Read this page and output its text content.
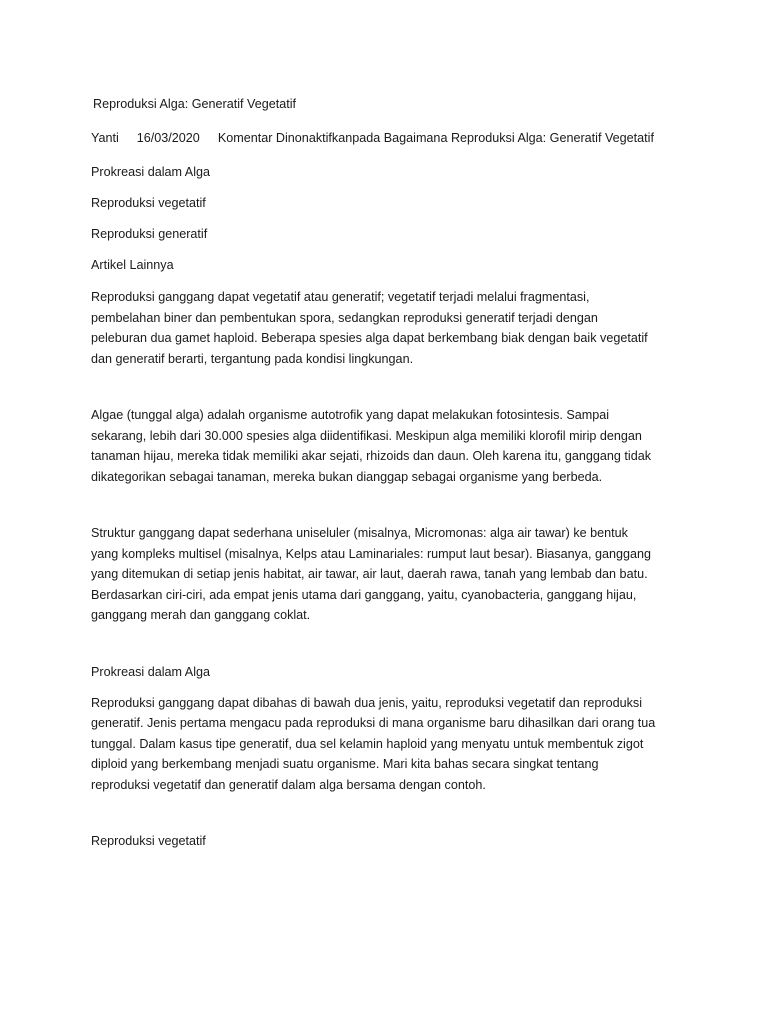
Reproduksi Alga: Generatif Vegetatif

Yanti 16/03/2020 Komentar Dinonaktifkanpada Bagaimana Reproduksi Alga: Generatif Vegetatif

Prokreasi dalam Alga

Reproduksi vegetatif

Reproduksi generatif

Artikel Lainnya

Reproduksi ganggang dapat vegetatif atau generatif; vegetatif terjadi melalui fragmentasi, pembelahan biner dan pembentukan spora, sedangkan reproduksi generatif terjadi dengan peleburan dua gamet haploid. Beberapa spesies alga dapat berkembang biak dengan baik vegetatif dan generatif berarti, tergantung pada kondisi lingkungan.

Algae (tunggal alga) adalah organisme autotrofik yang dapat melakukan fotosintesis. Sampai sekarang, lebih dari 30.000 spesies alga diidentifikasi. Meskipun alga memiliki klorofil mirip dengan tanaman hijau, mereka tidak memiliki akar sejati, rhizoids dan daun. Oleh karena itu, ganggang tidak dikategorikan sebagai tanaman, mereka bukan dianggap sebagai organisme yang berbeda.

Struktur ganggang dapat sederhana uniseluler (misalnya, Micromonas: alga air tawar) ke bentuk yang kompleks multisel (misalnya, Kelps atau Laminariales: rumput laut besar). Biasanya, ganggang yang ditemukan di setiap jenis habitat, air tawar, air laut, daerah rawa, tanah yang lembab dan batu. Berdasarkan ciri-ciri, ada empat jenis utama dari ganggang, yaitu, cyanobacteria, ganggang hijau, ganggang merah dan ganggang coklat.

Prokreasi dalam Alga

Reproduksi ganggang dapat dibahas di bawah dua jenis, yaitu, reproduksi vegetatif dan reproduksi generatif. Jenis pertama mengacu pada reproduksi di mana organisme baru dihasilkan dari orang tua tunggal. Dalam kasus tipe generatif, dua sel kelamin haploid yang menyatu untuk membentuk zigot diploid yang berkembang menjadi suatu organisme. Mari kita bahas secara singkat tentang reproduksi vegetatif dan generatif dalam alga bersama dengan contoh.

Reproduksi vegetatif
